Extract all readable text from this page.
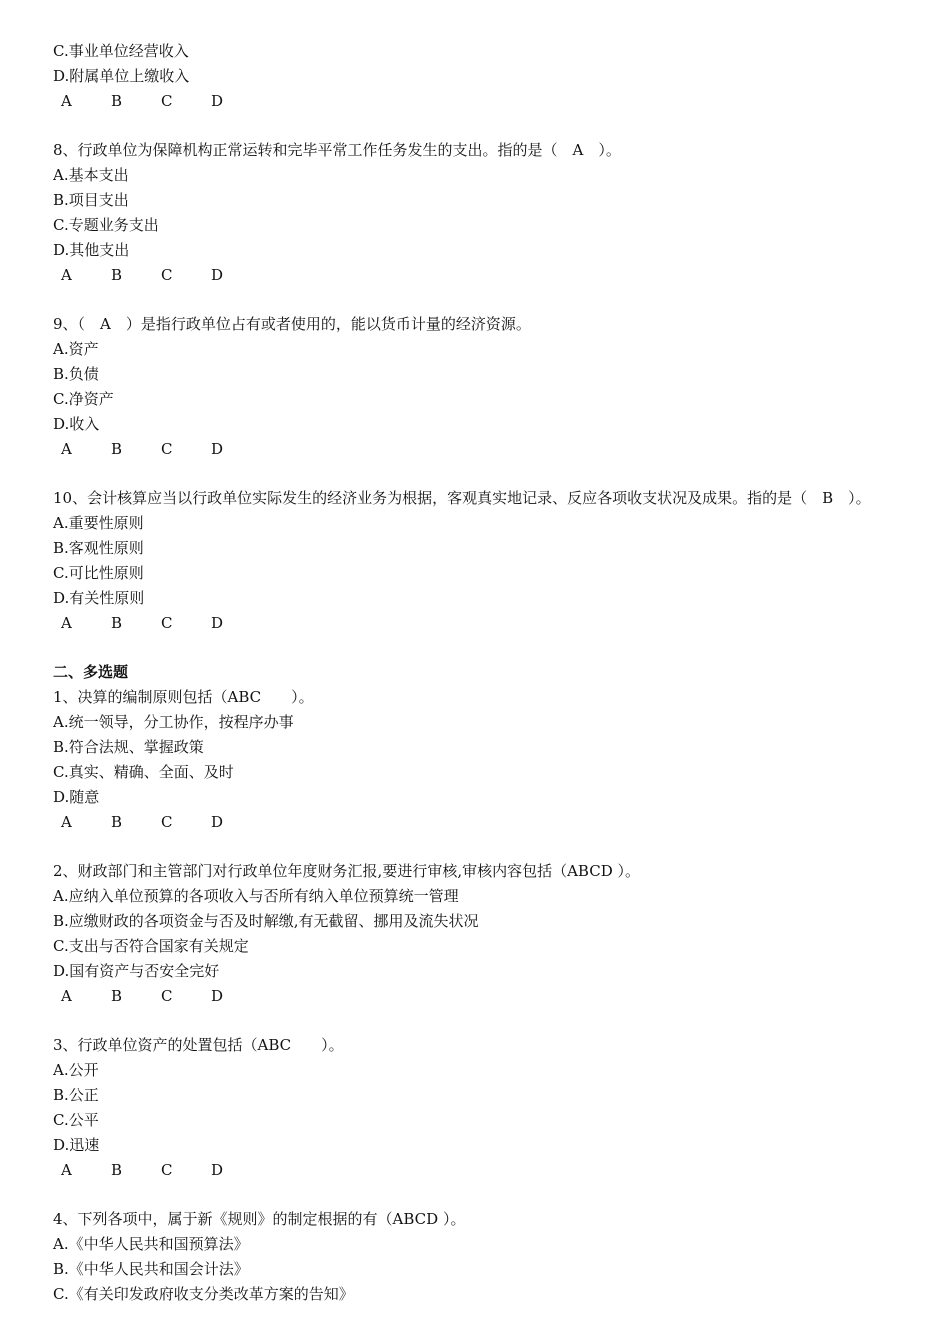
C.事业单位经营收入
D.附属单位上缴收入
A	B	C	D
8、行政单位为保障机构正常运转和完毕平常工作任务发生的支出。指的是（　A　）。
A.基本支出
B.项目支出
C.专题业务支出
D.其他支出
A	B	C	D
9、（　A　）是指行政单位占有或者使用的，能以货币计量的经济资源。
A.资产
B.负债
C.净资产
D.收入
A	B	C	D
10、会计核算应当以行政单位实际发生的经济业务为根据，客观真实地记录、反应各项收支状况及成果。指的是（　B　）。
A.重要性原则
B.客观性原则
C.可比性原则
D.有关性原则
A	B	C	D
二、多选题
1、决算的编制原则包括（ABC　　）。
A.统一领导，分工协作，按程序办事
B.符合法规、掌握政策
C.真实、精确、全面、及时
D.随意
A	B	C	D
2、财政部门和主管部门对行政单位年度财务汇报,要进行审核,审核内容包括（ABCD ）。
A.应纳入单位预算的各项收入与否所有纳入单位预算统一管理
B.应缴财政的各项资金与否及时解缴,有无截留、挪用及流失状况
C.支出与否符合国家有关规定
D.国有资产与否安全完好
A	B	C	D
3、行政单位资产的处置包括（ABC　　）。
A.公开
B.公正
C.公平
D.迅速
A	B	C	D
4、下列各项中，属于新《规则》的制定根据的有（ABCD ）。
A.《中华人民共和国预算法》
B.《中华人民共和国会计法》
C.《有关印发政府收支分类改革方案的告知》
